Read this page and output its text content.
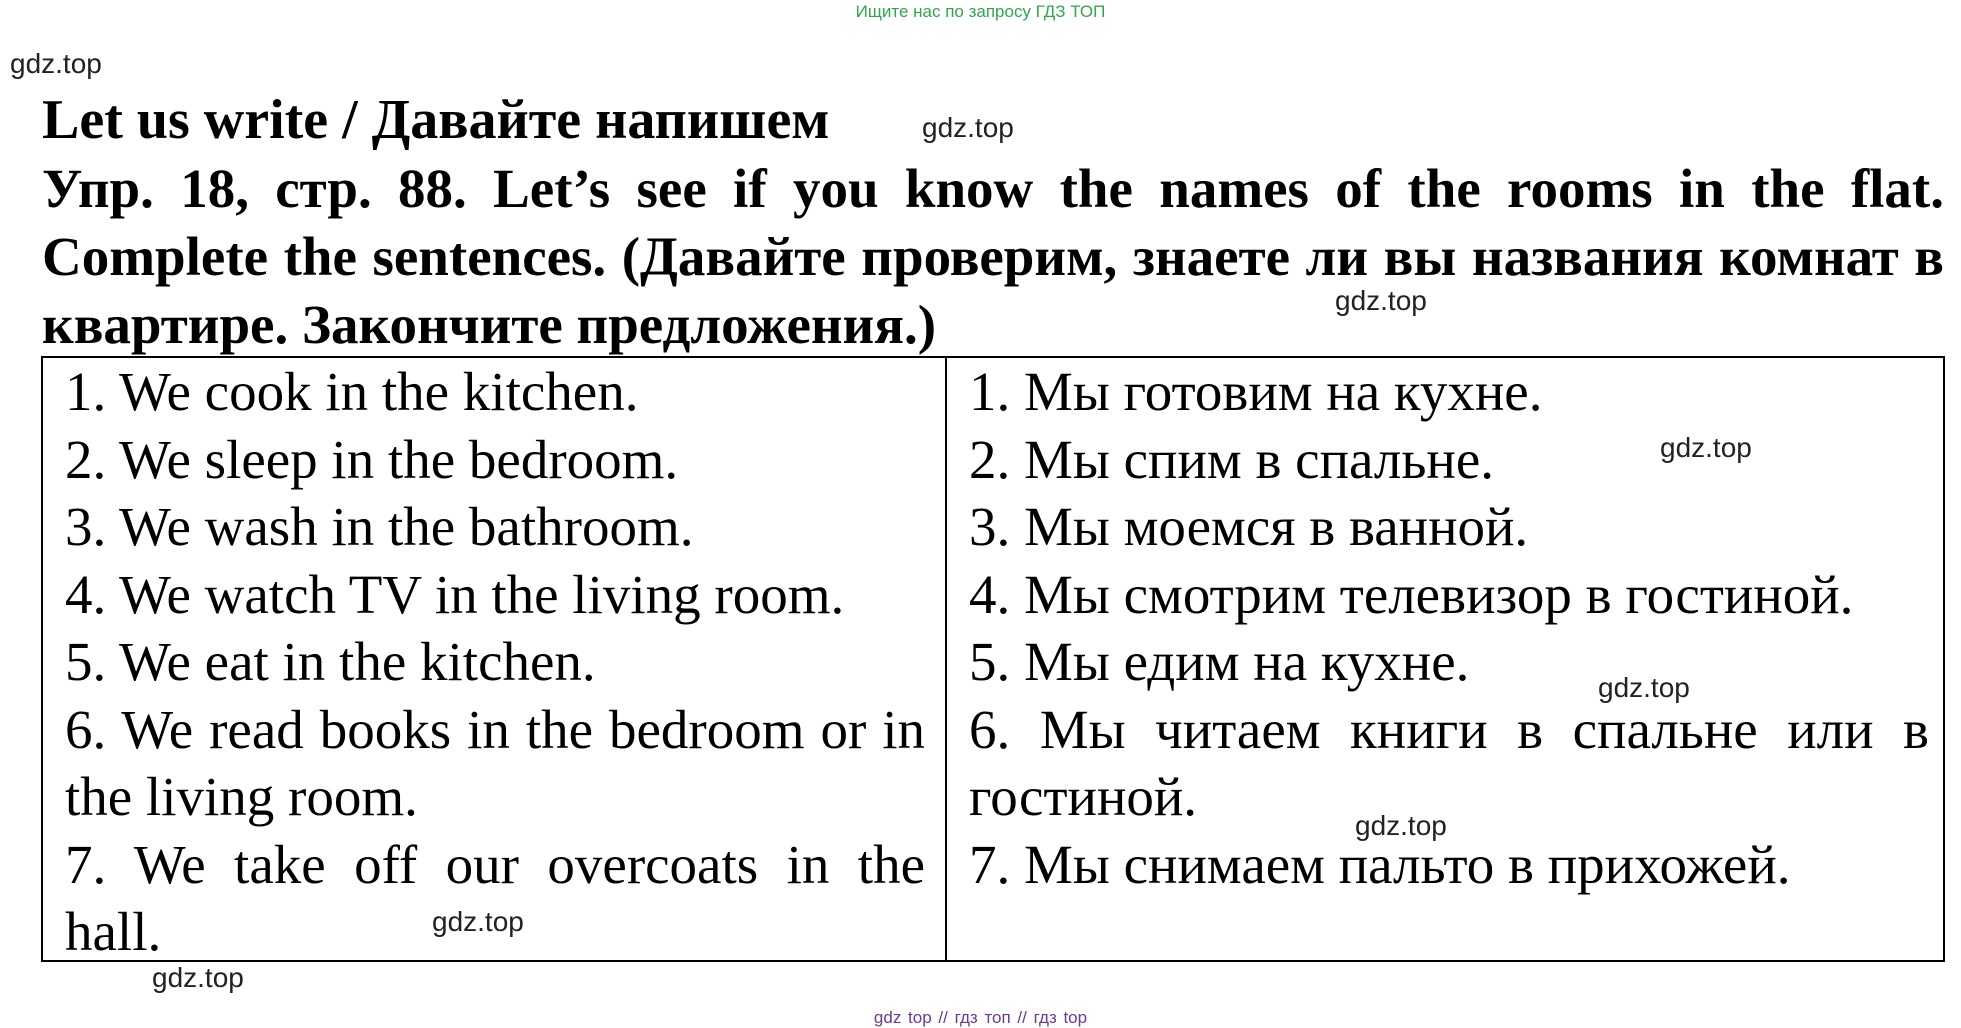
Ищите нас по запросу ГДЗ ТОП
gdz.top
gdz.top
gdz.top
Let us write / Давайте напишем
Упр. 18, стр. 88. Let’s see if you know the names of the rooms in the flat. Complete the sentences. (Давайте проверим, знаете ли вы названия комнат в квартире. Закончите предложения.)
1. We cook in the kitchen.
2. We sleep in the bedroom.
3. We wash in the bathroom.
4. We watch TV in the living room.
5. We eat in the kitchen.
6. We read books in the bedroom or in the living room.
7. We take off our overcoats in the hall.
1. Мы готовим на кухне.
2. Мы спим в спальне.
3. Мы моемся в ванной.
4. Мы смотрим телевизор в гостиной.
5. Мы едим на кухне.
6. Мы читаем книги в спальне или в гостиной.
7. Мы снимаем пальто в прихожей.
gdz.top
gdz.top
gdz.top
gdz.top
gdz.top
gdz top // гдз топ // гдз top
